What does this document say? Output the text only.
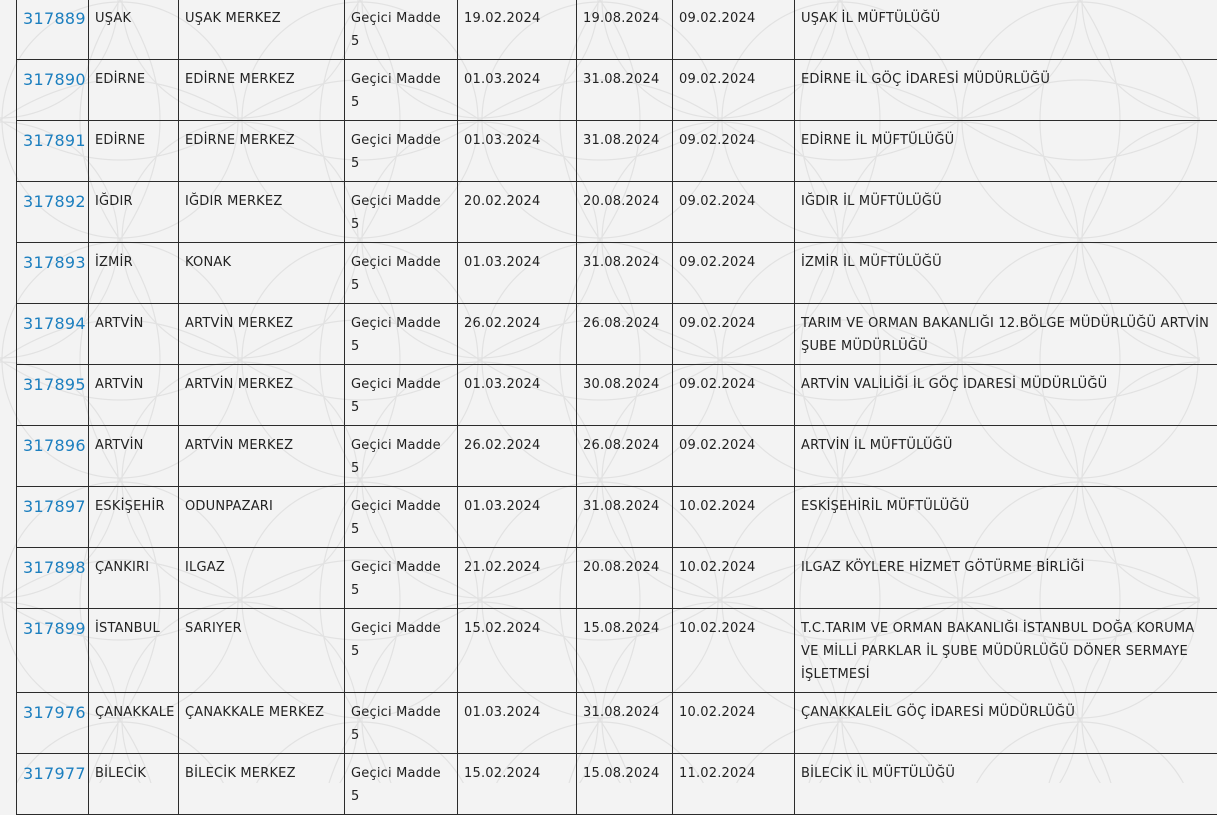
317889	UŞAK	UŞAK MERKEZ	Geçici Madde 5	19.02.2024	19.08.2024	09.02.2024	UŞAK İL MÜFTÜLÜĞÜ
317890	EDİRNE	EDİRNE MERKEZ	Geçici Madde 5	01.03.2024	31.08.2024	09.02.2024	EDİRNE İL GÖÇ İDARESİ MÜDÜRLÜĞÜ
317891	EDİRNE	EDİRNE MERKEZ	Geçici Madde 5	01.03.2024	31.08.2024	09.02.2024	EDİRNE İL MÜFTÜLÜĞÜ
317892	IĞDIR	IĞDIR MERKEZ	Geçici Madde 5	20.02.2024	20.08.2024	09.02.2024	IĞDIR İL MÜFTÜLÜĞÜ
317893	İZMİR	KONAK	Geçici Madde 5	01.03.2024	31.08.2024	09.02.2024	İZMİR İL MÜFTÜLÜĞÜ
317894	ARTVİN	ARTVİN MERKEZ	Geçici Madde 5	26.02.2024	26.08.2024	09.02.2024	TARIM VE ORMAN BAKANLIĞI 12.BÖLGE MÜDÜRLÜĞÜ ARTVİN ŞUBE MÜDÜRLÜĞÜ
317895	ARTVİN	ARTVİN MERKEZ	Geçici Madde 5	01.03.2024	30.08.2024	09.02.2024	ARTVİN VALİLİĞİ İL GÖÇ İDARESİ MÜDÜRLÜĞÜ
317896	ARTVİN	ARTVİN MERKEZ	Geçici Madde 5	26.02.2024	26.08.2024	09.02.2024	ARTVİN İL MÜFTÜLÜĞÜ
317897	ESKİŞEHİR	ODUNPAZARI	Geçici Madde 5	01.03.2024	31.08.2024	10.02.2024	ESKİŞEHİRİL MÜFTÜLÜĞÜ
317898	ÇANKIRI	ILGAZ	Geçici Madde 5	21.02.2024	20.08.2024	10.02.2024	ILGAZ KÖYLERE HİZMET GÖTÜRME BİRLİĞİ
317899	İSTANBUL	SARIYER	Geçici Madde 5	15.02.2024	15.08.2024	10.02.2024	T.C.TARIM VE ORMAN BAKANLIĞI İSTANBUL DOĞA KORUMA VE MİLLİ PARKLAR İL ŞUBE MÜDÜRLÜĞÜ DÖNER SERMAYE İŞLETMESİ
317976	ÇANAKKALE	ÇANAKKALE MERKEZ	Geçici Madde 5	01.03.2024	31.08.2024	10.02.2024	ÇANAKKALEİL GÖÇ İDARESİ MÜDÜRLÜĞÜ
317977	BİLECİK	BİLECİK MERKEZ	Geçici Madde 5	15.02.2024	15.08.2024	11.02.2024	BİLECİK İL MÜFTÜLÜĞÜ
